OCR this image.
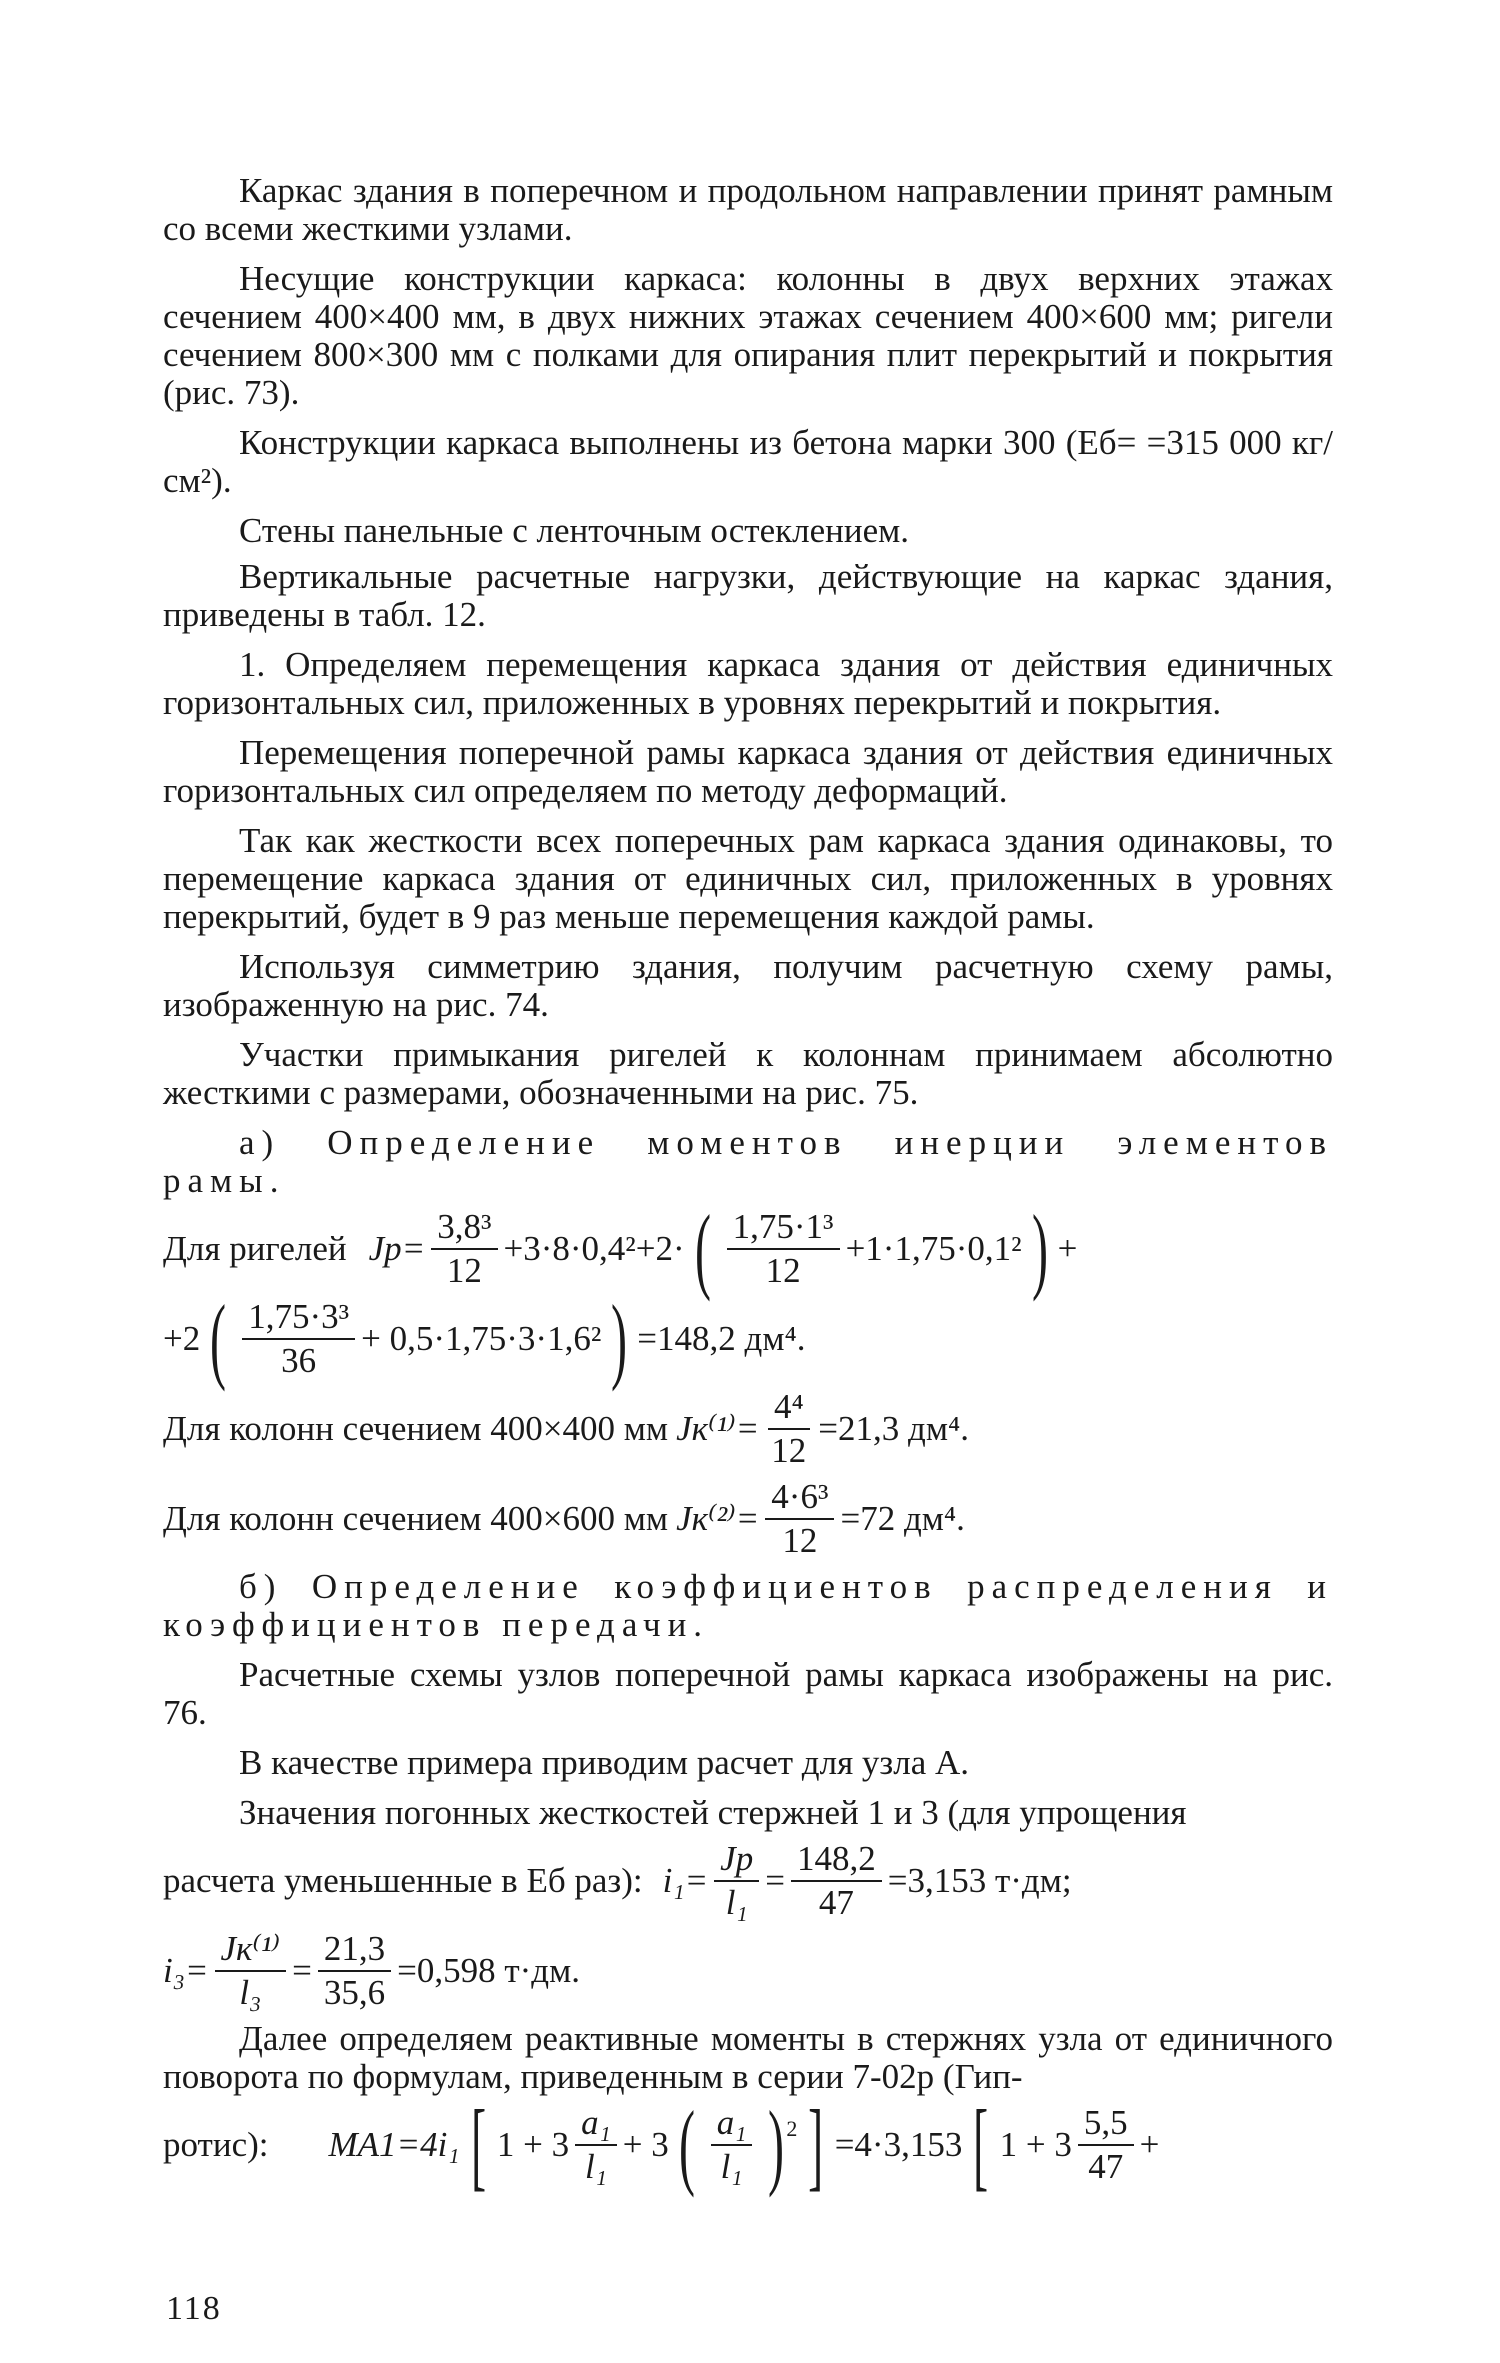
Каркас здания в поперечном и продольном направлении принят рамным со всеми жесткими узлами.

Несущие конструкции каркаса: колонны в двух верхних этажах сечением 400×400 мм, в двух нижних этажах сечением 400×600 мм; ригели сечением 800×300 мм с полками для опирания плит перекрытий и покрытия (рис. 73).

Конструкции каркаса выполнены из бетона марки 300 (Eб= =315 000 кг/см²).

Стены панельные с ленточным остеклением.

Вертикальные расчетные нагрузки, действующие на каркас здания, приведены в табл. 12.

1. Определяем перемещения каркаса здания от действия единичных горизонтальных сил, приложенных в уровнях перекрытий и покрытия.

Перемещения поперечной рамы каркаса здания от действия единичных горизонтальных сил определяем по методу деформаций.

Так как жесткости всех поперечных рам каркаса здания одинаковы, то перемещение каркаса здания от единичных сил, приложенных в уровнях перекрытий, будет в 9 раз меньше перемещения каждой рамы.

Используя симметрию здания, получим расчетную схему рамы, изображенную на рис. 74.

Участки примыкания ригелей к колоннам принимаем абсолютно жесткими с размерами, обозначенными на рис. 75.

а) Определение моментов инерции элементов рамы.

Для ригелей $Jр= \frac{\text{3,8³}}{12} +3\cdot 8\cdot 0,4^2+2\cdot$ ( $\frac{\text{1,75·1³}}{12} +1\cdot 1,75\cdot 0,1^2$ ) +
+2 ( $\frac{\text{1,75·3³}}{36} + 0,5\cdot 1,75\cdot 3\cdot 1,6^2$ ) =148,2 дм⁴.
Для колонн сечением 400×400 мм $Jк^{(1)}= \frac{\text{4⁴}}{12} =21,3$ дм⁴.
Для колонн сечением 400×600 мм $Jк^{(2)}= \frac{\text{4·6³}}{12} =72$ дм⁴.

б) Определение коэффициентов распределения и коэффициентов передачи.

Расчетные схемы узлов поперечной рамы каркаса изображены на рис. 76.

В качестве примера приводим расчет для узла A.

Значения погонных жесткостей стержней 1 и 3 (для упрощения

расчета уменьшенные в Eб раз): $i_1= \frac{Jр}{\text{l₁}} = \frac{148,2}{47} =3,153$ т·дм;
$i_3= \frac{\text{Jк⁽¹⁾}}{\text{l₃}} = \frac{21,3}{35,6} =0,598$ т·дм.

Далее определяем реактивные моменты в стержнях узла от единичного поворота по формулам, приведенным в серии 7-02р (Гип-

ротис): MA1=4i₁ [ $1 + 3 \frac{\text{a₁}}{\text{l₁}} + 3$ ( $\frac{\text{a₁}}{\text{l₁}} )^2$ ] =4·3,153 [ $1 + 3 \frac{5,5}{47}$ +
118
